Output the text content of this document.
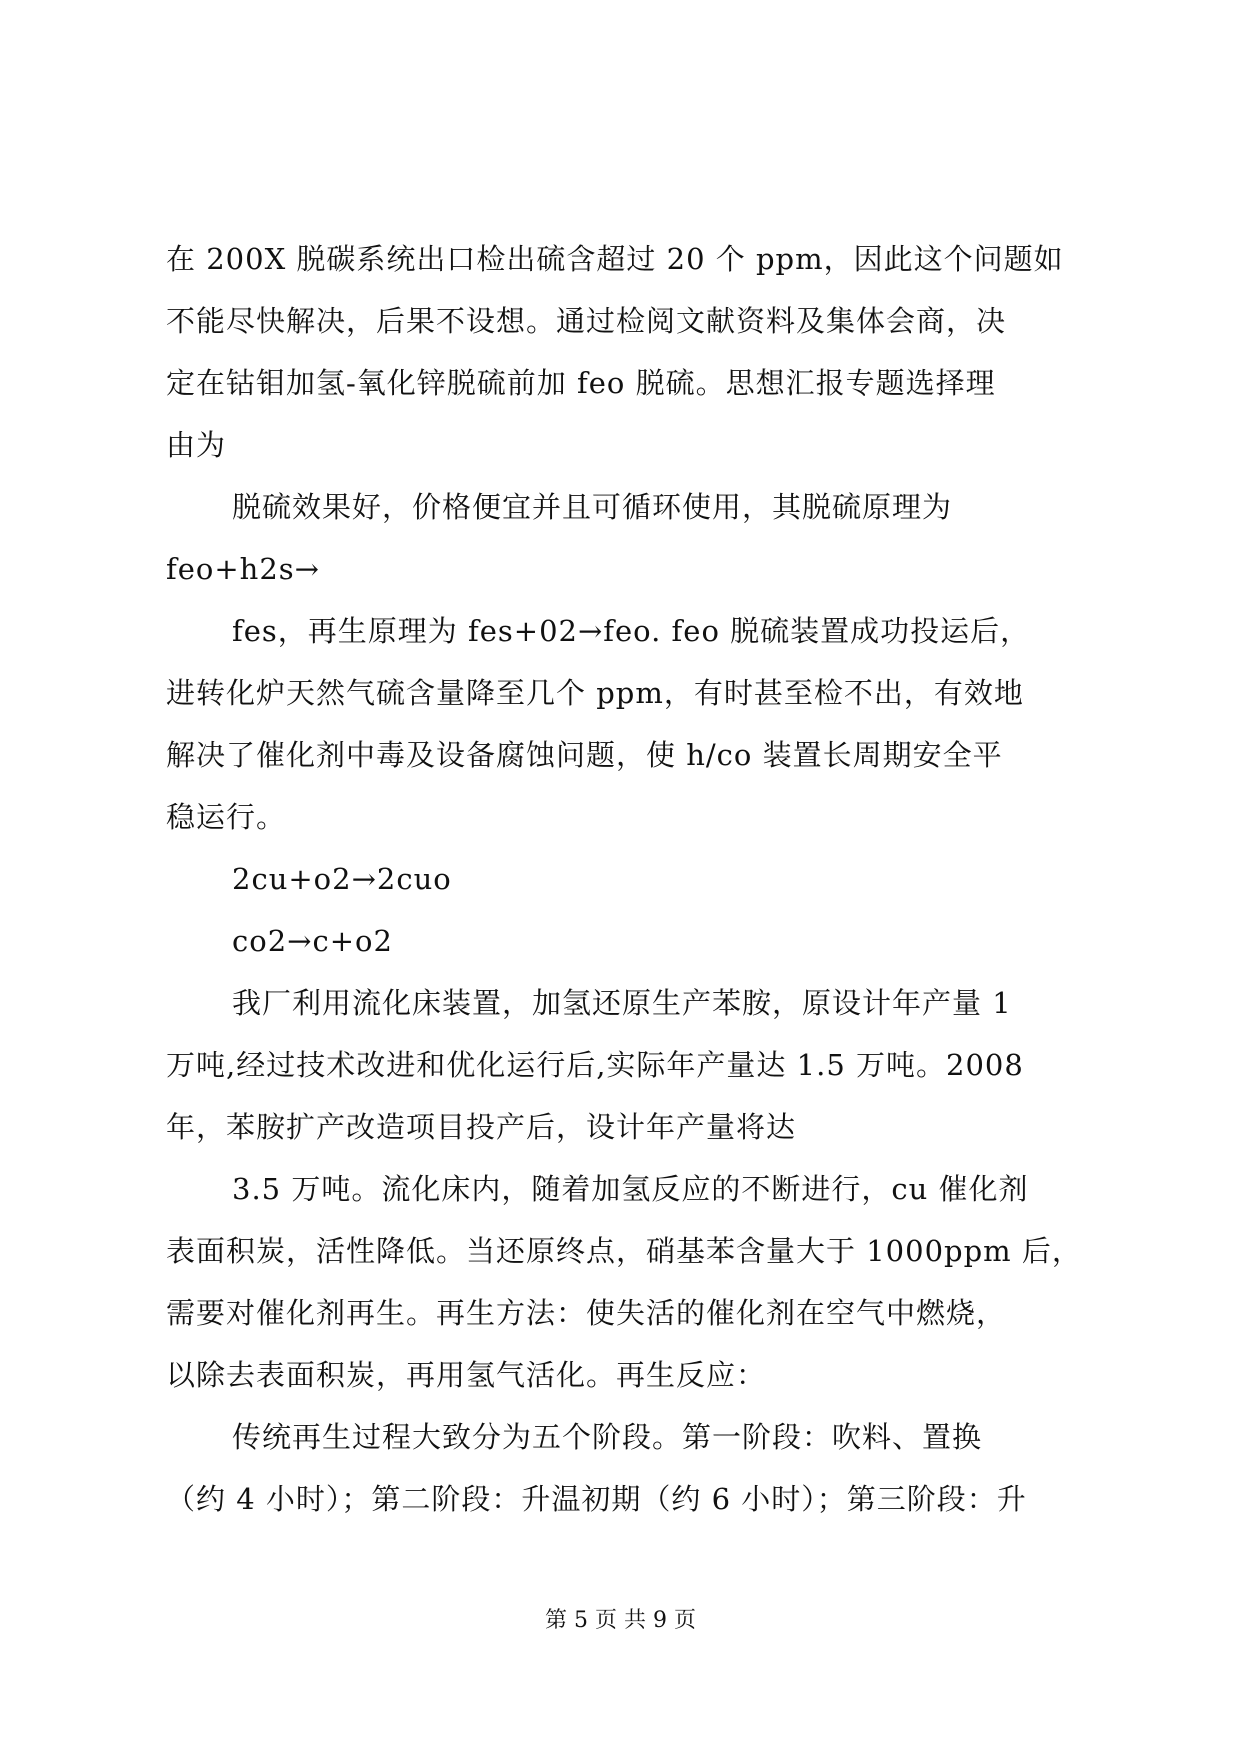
在 200X 脱碳系统出口检出硫含超过 20 个 ppm，因此这个问题如
不能尽快解决，后果不设想。通过检阅文献资料及集体会商，决
定在钴钼加氢-氧化锌脱硫前加 feo 脱硫。思想汇报专题选择理
由为
脱硫效果好，价格便宜并且可循环使用，其脱硫原理为
feo+h2s→
fes，再生原理为 fes+02→feo. feo 脱硫装置成功投运后，
进转化炉天然气硫含量降至几个 ppm，有时甚至检不出，有效地
解决了催化剂中毒及设备腐蚀问题，使 h/co 装置长周期安全平
稳运行。
2cu+o2→2cuo
co2→c+o2
我厂利用流化床装置，加氢还原生产苯胺，原设计年产量 1
万吨,经过技术改进和优化运行后,实际年产量达 1.5 万吨。2008
年，苯胺扩产改造项目投产后，设计年产量将达
3.5 万吨。流化床内，随着加氢反应的不断进行，cu 催化剂
表面积炭，活性降低。当还原终点，硝基苯含量大于 1000ppm 后，
需要对催化剂再生。再生方法：使失活的催化剂在空气中燃烧，
以除去表面积炭，再用氢气活化。再生反应：
传统再生过程大致分为五个阶段。第一阶段：吹料、置换
（约 4 小时）；第二阶段：升温初期（约 6 小时）；第三阶段：升
第 5 页 共 9 页
